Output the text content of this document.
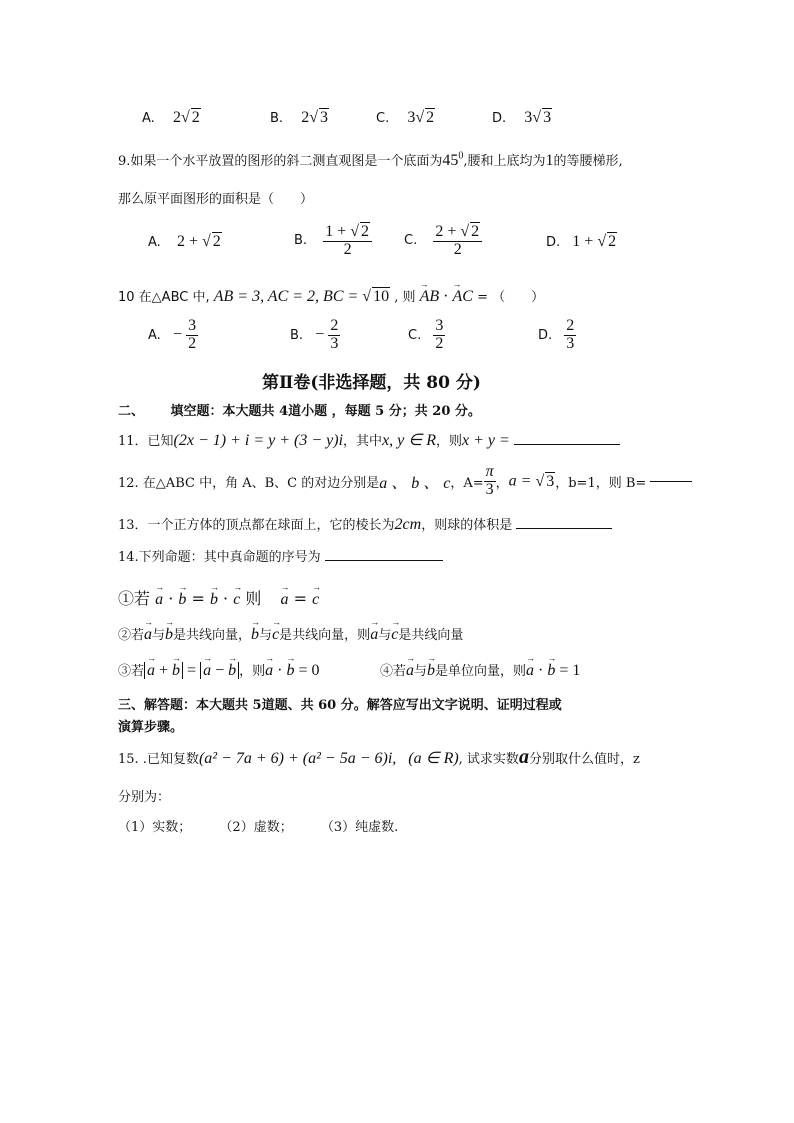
A. 2√ 2	B. 2√ 3	C. 3√ 2	D. 3√ 3
9.如果一个水平放置的图形的斜二测直观图是一个底面为$45^0$,腰和上底均为1的等腰梯形,
那么原平面图形的面积是（　　）
A. 2 + √ 2	B. $\frac{1 + √ 2}{2} C$. $\frac{2 + √ 2}{2}$	D. 1 + √ 2
10 在△ABC 中, AB = 3, AC = 2, BC = √ 10 , 则 → AB · → AC = （　　）
A. − $\frac{3}{2}$	B. − $\frac{2}{3}$	C. $\frac{3}{2}$	D. $\frac{2}{3}$
第Ⅱ卷(非选择题，共 80 分)
二、 填空题：本大题共 4道小题 ，每题 5 分；共 20 分。
11．已知(2x − 1) + i = y + (3 − y)i，其中x, y ∈ R，则x + y =
12. 在△ABC 中，角 A、B、C 的对边分别是a 、 b 、 c，$A= \frac{\pi}{3}$ ，a = √ 3，b=1，则 B=
13．一个正方体的顶点都在球面上，它的棱长为2cm，则球的体积是
14.下列命题：其中真命题的序号为
①若 → a · → b = → b · → c 则 → a = → c
②若→ a与→ b是共线向量，→ b与→ c是共线向量，则→ a与→ c是共线向量
③若 → a + → b = → a − → b ，则→ a · → b = 0	④若→ a与→ b是单位向量，则→ a · → b = 1
三、解答题：本大题共 5道题、共 60 分。解答应写出文字说明、证明过程或
演算步骤。
15. .已知复数(a² − 7a + 6) + (a² − 5a − 6)i, (a ∈ R), 试求实数a分别取什么值时，z
分别为：
（1）实数； （2）虚数； （3）纯虚数.
